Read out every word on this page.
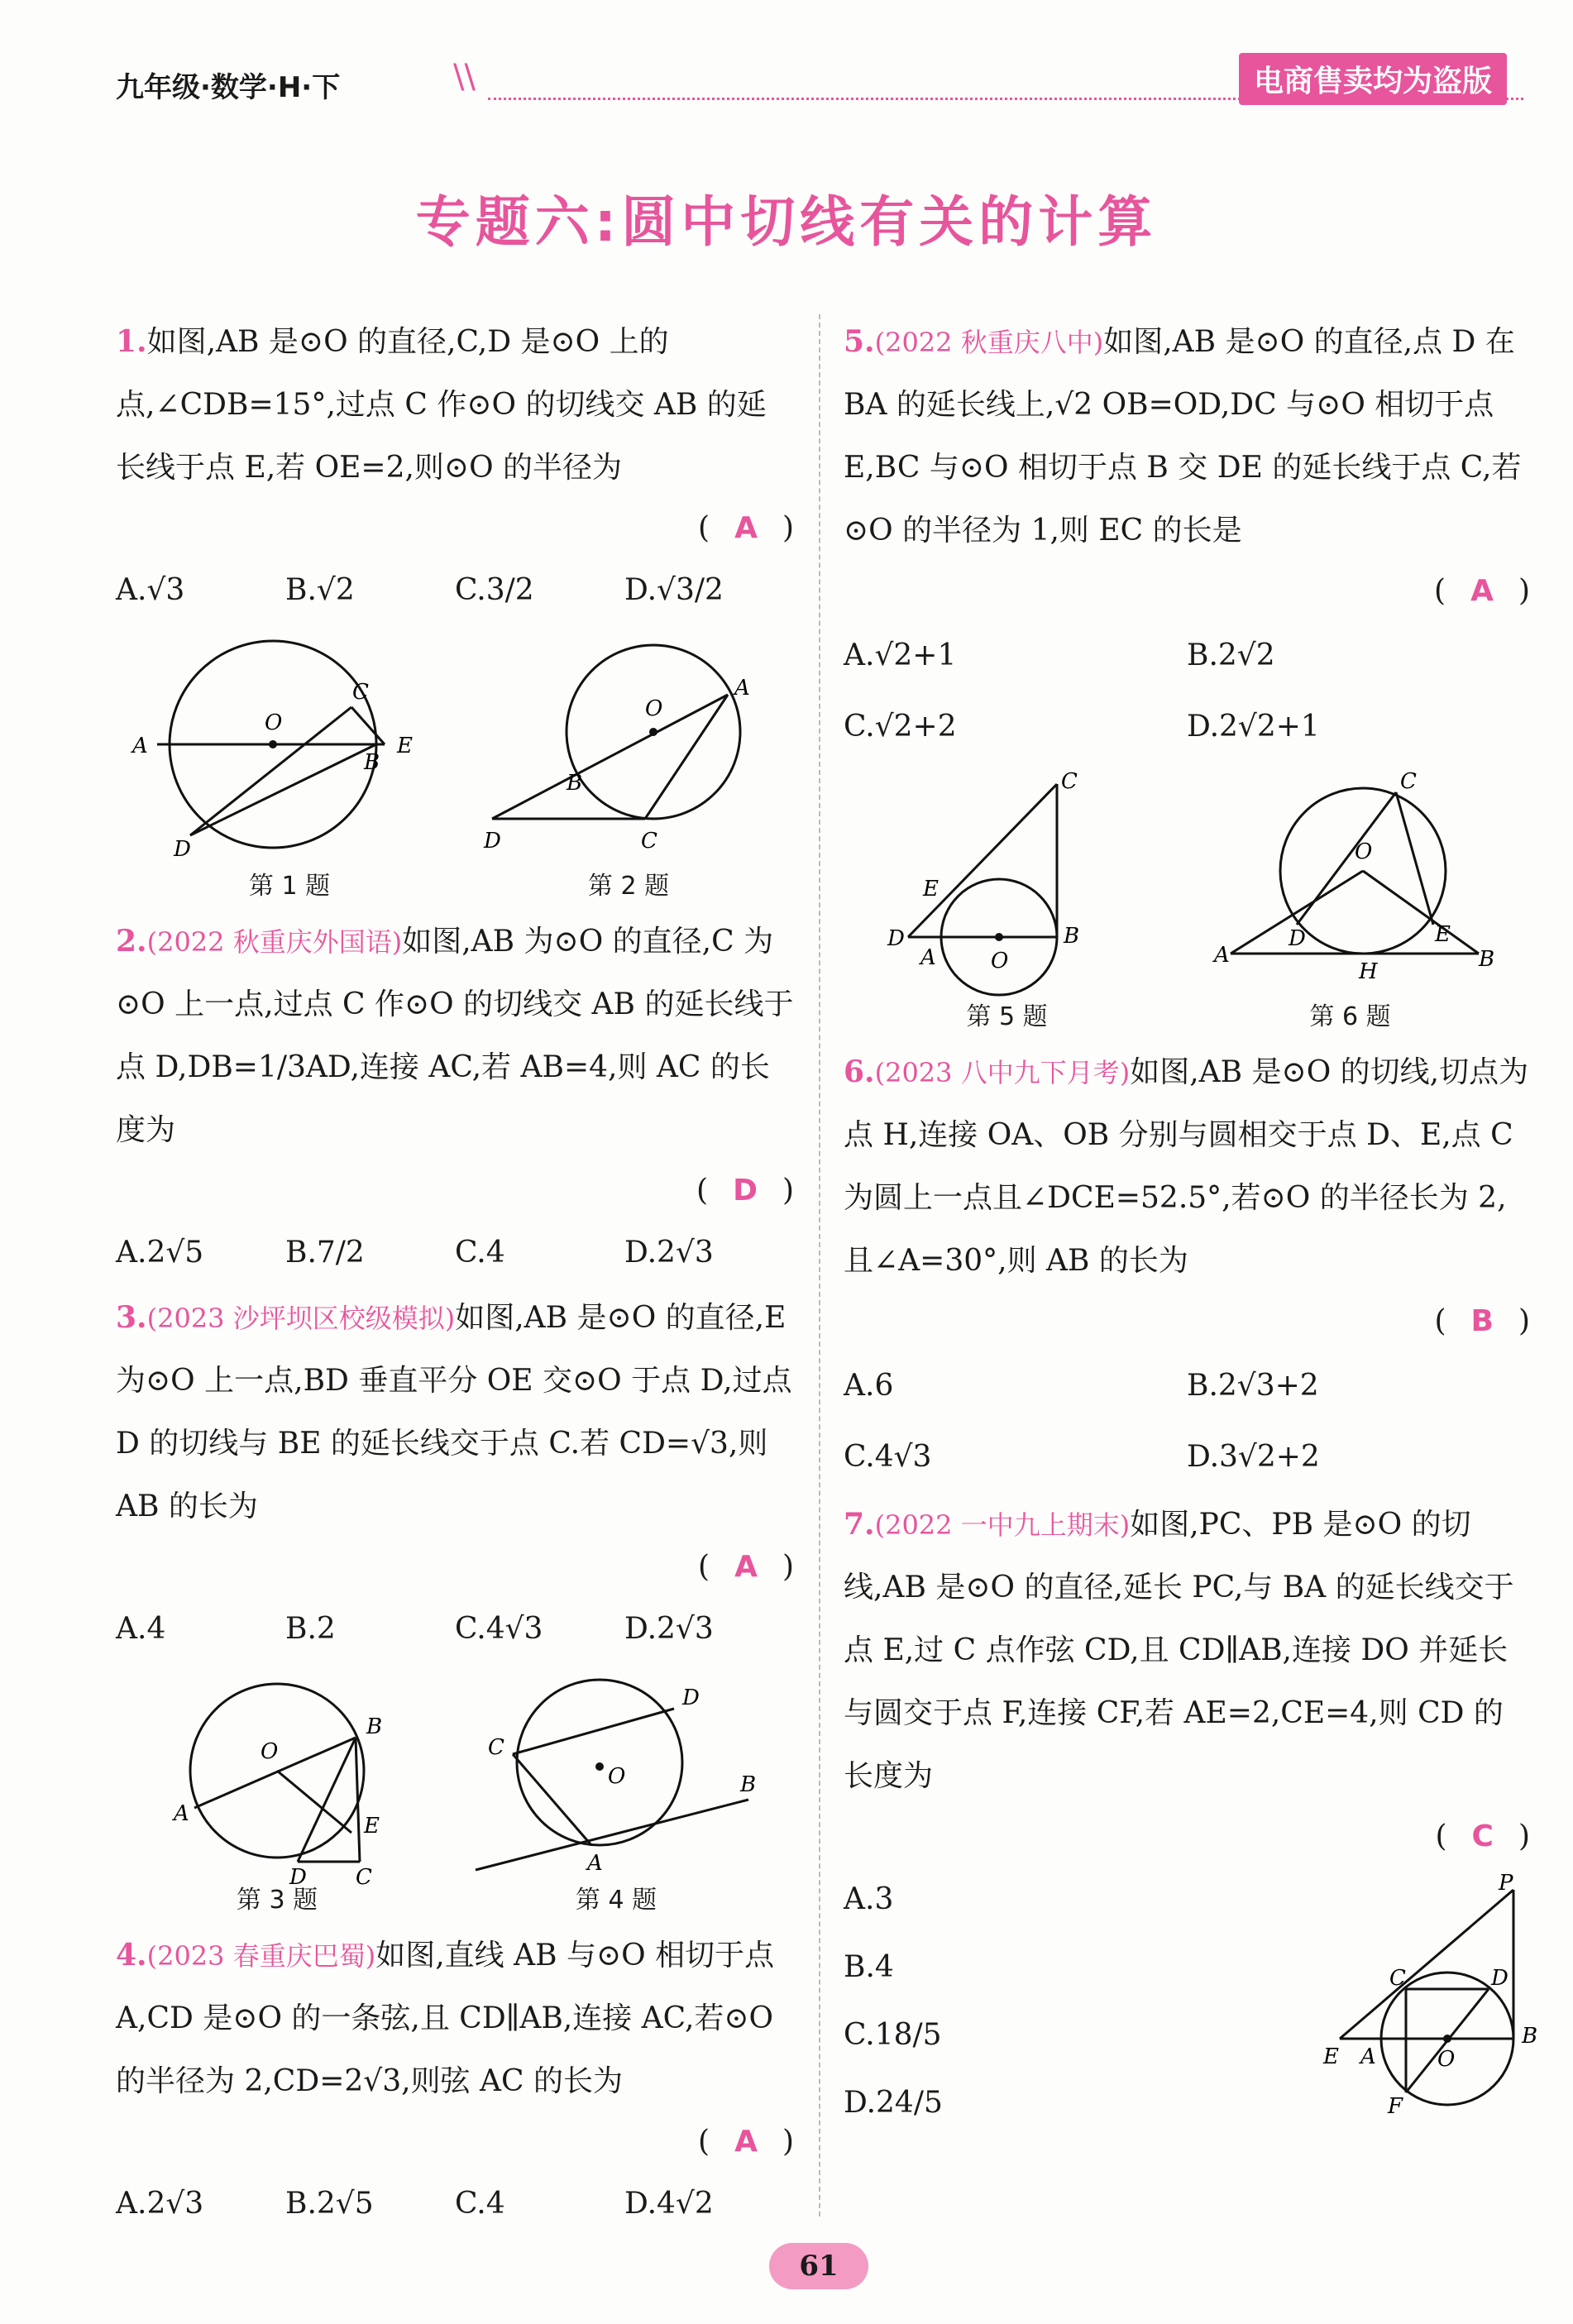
九年级·数学·H·下	\\	电商售卖均为盗版
专题六:圆中切线有关的计算
1.如图,AB 是⊙O 的直径,C,D 是⊙O 上的点,∠CDB=15°,过点 C 作⊙O 的切线交 AB 的延长线于点 E,若 OE=2,则⊙O 的半径为
( A )
A.√3	B.√2	C.3/2	D.√3/2
A
O
C
B
E
D
第 1 题
O
A
B
D	C
第 2 题
2.(2022 秋重庆外国语)如图,AB 为⊙O 的直径,C 为⊙O 上一点,过点 C 作⊙O 的切线交 AB 的延长线于点 D,DB=1/3AD,连接 AC,若 AB=4,则 AC 的长度为
( D )
A.2√5	B.7/2	C.4	D.2√3
3.(2023 沙坪坝区校级模拟)如图,AB 是⊙O 的直径,E 为⊙O 上一点,BD 垂直平分 OE 交⊙O 于点 D,过点 D 的切线与 BE 的延长线交于点 C.若 CD=√3,则 AB 的长为
( A )
A.4	B.2	C.4√3	D.2√3
O
B
A	E
D C
第 3 题
D
C
O	B
A
第 4 题
4.(2023 春重庆巴蜀)如图,直线 AB 与⊙O 相切于点 A,CD 是⊙O 的一条弦,且 CD∥AB,连接 AC,若⊙O 的半径为 2,CD=2√3,则弦 AC 的长为
( A )
A.2√3	B.2√5	C.4	D.4√2
5.(2022 秋重庆八中)如图,AB 是⊙O 的直径,点 D 在 BA 的延长线上,√2 OB=OD,DC 与⊙O 相切于点 E,BC 与⊙O 相切于点 B 交 DE 的延长线于点 C,若⊙O 的半径为 1,则 EC 的长是
( A )
A.√2+1	B.2√2
C.√2+2	D.2√2+1
C
E
D
A	O
B
第 5 题
C
O
A
D	E
B
H
第 6 题
6.(2023 八中九下月考)如图,AB 是⊙O 的切线,切点为点 H,连接 OA、OB 分别与圆相交于点 D、E,点 C 为圆上一点且∠DCE=52.5°,若⊙O 的半径长为 2,且∠A=30°,则 AB 的长为
( B )
A.6	B.2√3+2
C.4√3	D.3√2+2
7.(2022 一中九上期末)如图,PC、PB 是⊙O 的切线,AB 是⊙O 的直径,延长 PC,与 BA 的延长线交于点 E,过 C 点作弦 CD,且 CD∥AB,连接 DO 并延长与圆交于点 F,连接 CF,若 AE=2,CE=4,则 CD 的长度为
( C )
A.3
B.4
C.18/5
D.24/5
P
C	D
E A	O
B
F
61
